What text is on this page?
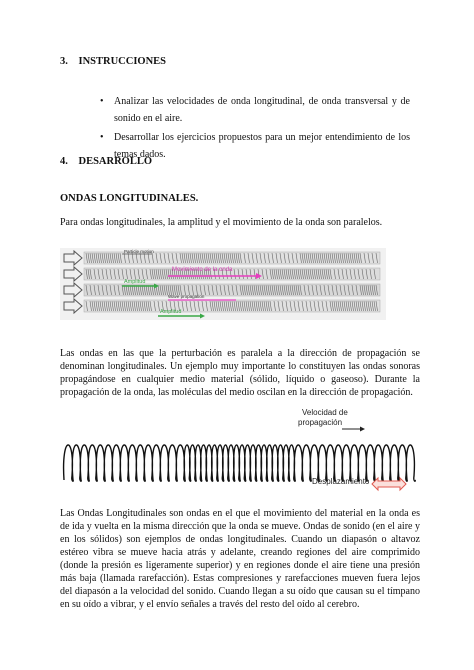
3. INSTRUCCIONES
• Analizar las velocidades de onda longitudinal, de onda transversal y de sonido en el aire.
• Desarrollar los ejercicios propuestos para un mejor entendimiento de los temas dados.
4. DESARROLLO
ONDAS LONGITUDINALES.
Para ondas longitudinales, la amplitud y el movimiento de la onda son paralelos.
Particle motion
Movimiento de la onda
Amplitud
Wave propagation
Amplitud
Las ondas en las que la perturbación es paralela a la dirección de propagación se denominan longitudinales. Un ejemplo muy importante lo constituyen las ondas sonoras propagándose en cualquier medio material (sólido, líquido o gaseoso). Durante la propagación de la onda, las moléculas del medio oscilan en la dirección de propagación.
Velocidad de
propagación
Desplazamiento
Las Ondas Longitudinales son ondas en el que el movimiento del material en la onda es de ida y vuelta en la misma dirección que la onda se mueve. Ondas de sonido (en el aire y en los sólidos) son ejemplos de ondas longitudinales. Cuando un diapasón o altavoz estéreo vibra se mueve hacia atrás y adelante, creando regiones del aire comprimido (donde la presión es ligeramente superior) y en regiones donde el aire tiene una presión más baja (llamada rarefacción). Estas compresiones y rarefacciones mueven fuera lejos del diapasón a la velocidad del sonido. Cuando llegan a su oído que causan su el tímpano en su oído a vibrar, y el envío señales a través del resto del oído al cerebro.
